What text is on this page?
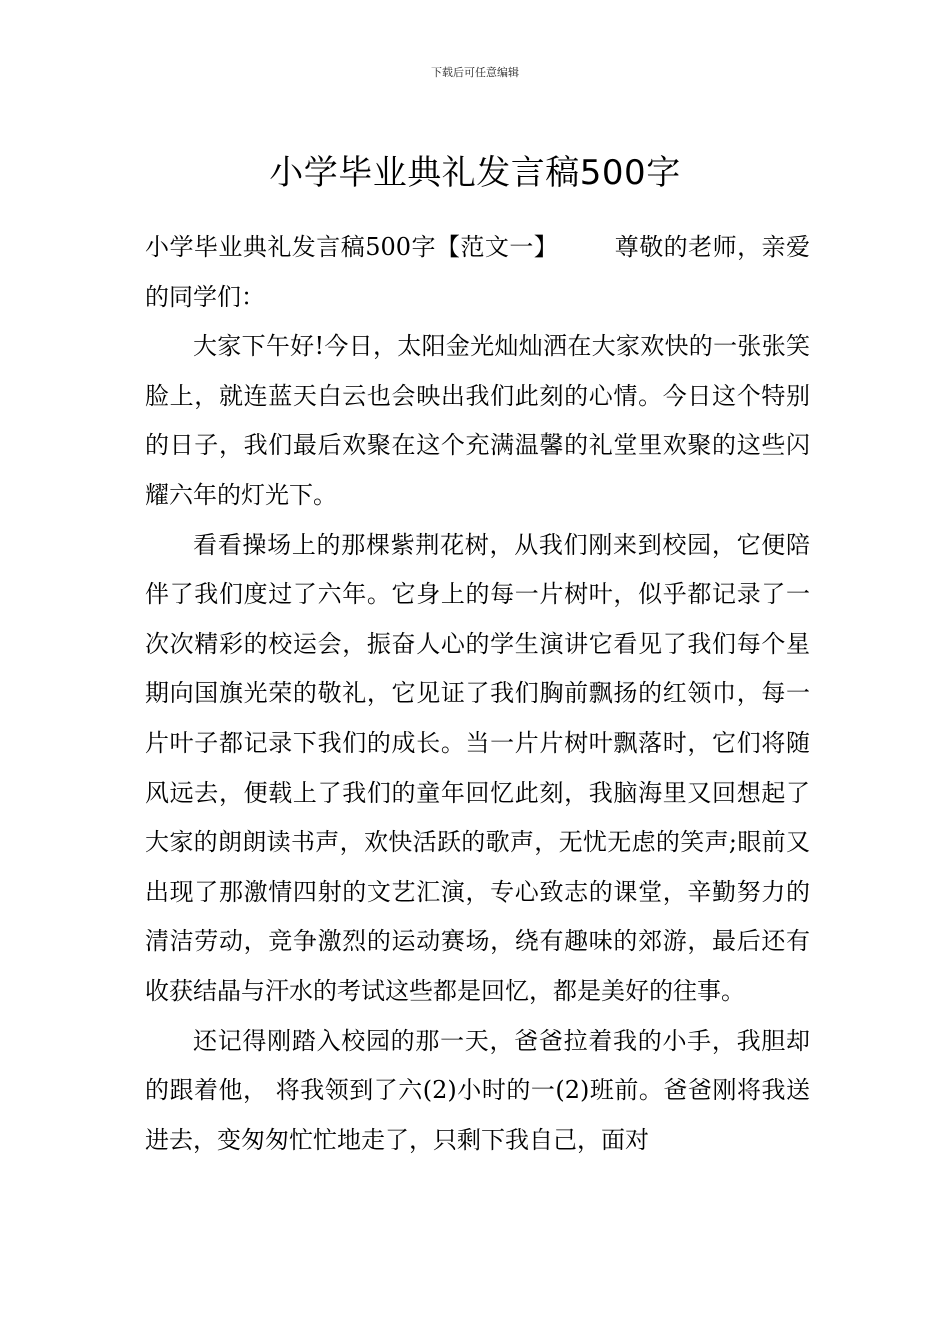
下载后可任意编辑
小学毕业典礼发言稿500字

小学毕业典礼发言稿500字【范文一】 尊敬的老师，亲爱的同学们：

大家下午好!今日，太阳金光灿灿洒在大家欢快的一张张笑脸上，就连蓝天白云也会映出我们此刻的心情。今日这个特别的日子，我们最后欢聚在这个充满温馨的礼堂里欢聚的这些闪耀六年的灯光下。

看看操场上的那棵紫荆花树，从我们刚来到校园，它便陪伴了我们度过了六年。它身上的每一片树叶，似乎都记录了一次次精彩的校运会，振奋人心的学生演讲它看见了我们每个星期向国旗光荣的敬礼，它见证了我们胸前飘扬的红领巾，每一片叶子都记录下我们的成长。当一片片树叶飘落时，它们将随风远去，便载上了我们的童年回忆此刻，我脑海里又回想起了大家的朗朗读书声，欢快活跃的歌声，无忧无虑的笑声;眼前又出现了那激情四射的文艺汇演，专心致志的课堂，辛勤努力的清洁劳动，竞争激烈的运动赛场，绕有趣味的郊游，最后还有收获结晶与汗水的考试这些都是回忆，都是美好的往事。

还记得刚踏入校园的那一天，爸爸拉着我的小手，我胆却的跟着他， 将我领到了六(2)小时的一(2)班前。爸爸刚将我送进去，变匆匆忙忙地走了，只剩下我自己，面对
